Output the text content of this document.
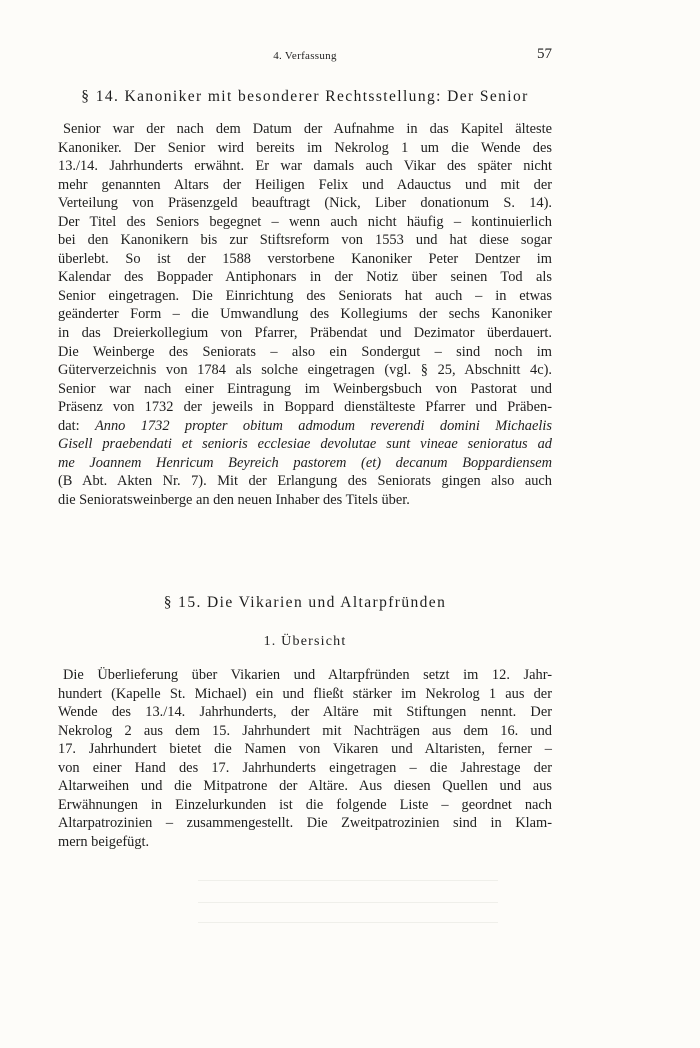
4. Verfassung	57
§ 14. Kanoniker mit besonderer Rechtsstellung: Der Senior
Senior war der nach dem Datum der Aufnahme in das Kapitel älteste
Kanoniker. Der Senior wird bereits im Nekrolog 1 um die Wende des
13./14. Jahrhunderts erwähnt. Er war damals auch Vikar des später nicht
mehr genannten Altars der Heiligen Felix und Adauctus und mit der
Verteilung von Präsenzgeld beauftragt (Nick, Liber donationum S. 14).
Der Titel des Seniors begegnet – wenn auch nicht häufig – kontinuierlich
bei den Kanonikern bis zur Stiftsreform von 1553 und hat diese sogar
überlebt. So ist der 1588 verstorbene Kanoniker Peter Dentzer im
Kalendar des Boppader Antiphonars in der Notiz über seinen Tod als
Senior eingetragen. Die Einrichtung des Seniorats hat auch – in etwas
geänderter Form – die Umwandlung des Kollegiums der sechs Kanoniker
in das Dreierkollegium von Pfarrer, Präbendat und Dezimator überdauert.
Die Weinberge des Seniorats – also ein Sondergut – sind noch im
Güterverzeichnis von 1784 als solche eingetragen (vgl. § 25, Abschnitt 4c).
Senior war nach einer Eintragung im Weinbergsbuch von Pastorat und
Präsenz von 1732 der jeweils in Boppard dienstälteste Pfarrer und Präben-
dat: Anno 1732 propter obitum admodum reverendi domini Michaelis
Gisell praebendati et senioris ecclesiae devolutae sunt vineae senioratus ad
me Joannem Henricum Beyreich pastorem (et) decanum Boppardiensem
(B Abt. Akten Nr. 7). Mit der Erlangung des Seniorats gingen also auch
die Senioratsweinberge an den neuen Inhaber des Titels über.
§ 15. Die Vikarien und Altarpfründen
1. Übersicht
Die Überlieferung über Vikarien und Altarpfründen setzt im 12. Jahr-
hundert (Kapelle St. Michael) ein und fließt stärker im Nekrolog 1 aus der
Wende des 13./14. Jahrhunderts, der Altäre mit Stiftungen nennt. Der
Nekrolog 2 aus dem 15. Jahrhundert mit Nachträgen aus dem 16. und
17. Jahrhundert bietet die Namen von Vikaren und Altaristen, ferner –
von einer Hand des 17. Jahrhunderts eingetragen – die Jahrestage der
Altarweihen und die Mitpatrone der Altäre. Aus diesen Quellen und aus
Erwähnungen in Einzelurkunden ist die folgende Liste – geordnet nach
Altarpatrozinien – zusammengestellt. Die Zweitpatrozinien sind in Klam-
mern beigefügt.
